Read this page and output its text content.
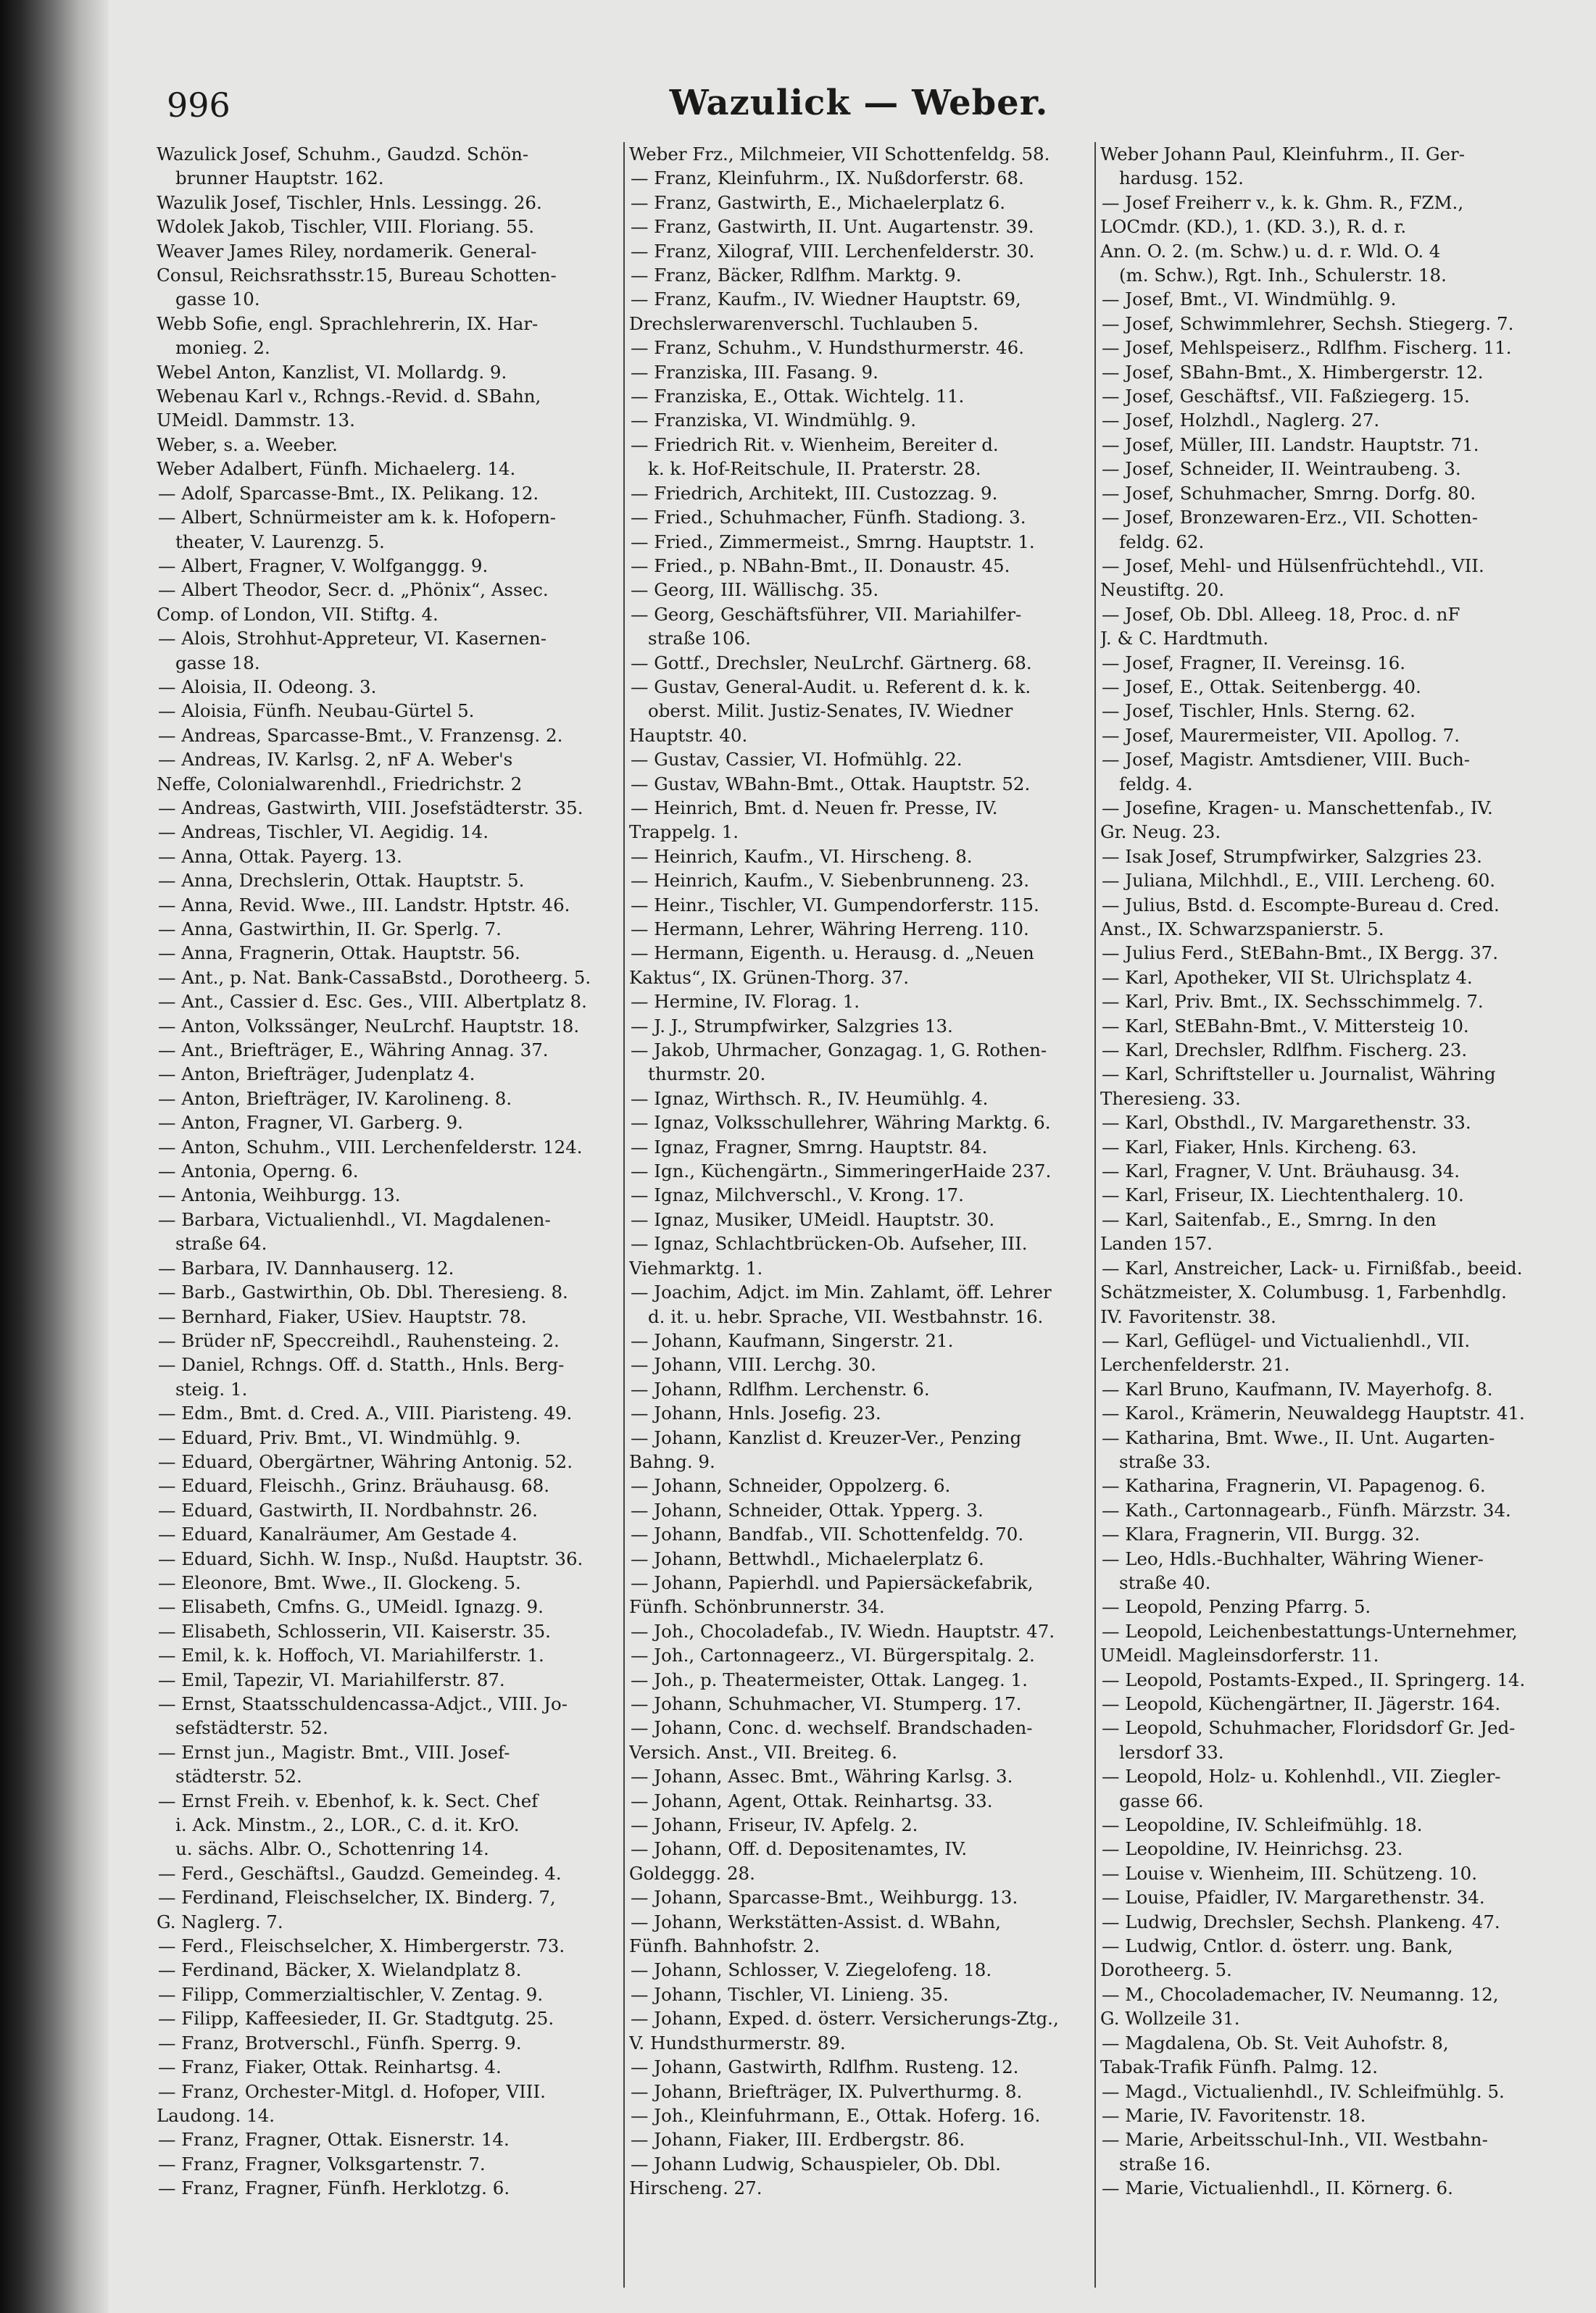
996	Wazulick — Weber.
Wazulick Josef, Schuhm., Gaudzd. Schön-
brunner Hauptstr. 162.
Wazulik Josef, Tischler, Hnls. Lessingg. 26.
Wdolek Jakob, Tischler, VIII. Floriang. 55.
Weaver James Riley, nordamerik. General-
Consul, Reichsrathsstr.15, Bureau Schotten-
gasse 10.
Webb Sofie, engl. Sprachlehrerin, IX. Har-
monieg. 2.
Webel Anton, Kanzlist, VI. Mollardg. 9.
Webenau Karl v., Rchngs.-Revid. d. SBahn,
UMeidl. Dammstr. 13.
Weber, s. a. Weeber.
Weber Adalbert, Fünfh. Michaelerg. 14.
— Adolf, Sparcasse-Bmt., IX. Pelikang. 12.
— Albert, Schnürmeister am k. k. Hofopern-
theater, V. Laurenzg. 5.
— Albert, Fragner, V. Wolfganggg. 9.
— Albert Theodor, Secr. d. „Phönix“, Assec.
Comp. of London, VII. Stiftg. 4.
— Alois, Strohhut-Appreteur, VI. Kasernen-
gasse 18.
— Aloisia, II. Odeong. 3.
— Aloisia, Fünfh. Neubau-Gürtel 5.
— Andreas, Sparcasse-Bmt., V. Franzensg. 2.
— Andreas, IV. Karlsg. 2, nF A. Weber's
Neffe, Colonialwarenhdl., Friedrichstr. 2
— Andreas, Gastwirth, VIII. Josefstädterstr. 35.
— Andreas, Tischler, VI. Aegidig. 14.
— Anna, Ottak. Payerg. 13.
— Anna, Drechslerin, Ottak. Hauptstr. 5.
— Anna, Revid. Wwe., III. Landstr. Hptstr. 46.
— Anna, Gastwirthin, II. Gr. Sperlg. 7.
— Anna, Fragnerin, Ottak. Hauptstr. 56.
— Ant., p. Nat. Bank-CassaBstd., Dorotheerg. 5.
— Ant., Cassier d. Esc. Ges., VIII. Albertplatz 8.
— Anton, Volkssänger, NeuLrchf. Hauptstr. 18.
— Ant., Briefträger, E., Währing Annag. 37.
— Anton, Briefträger, Judenplatz 4.
— Anton, Briefträger, IV. Karolineng. 8.
— Anton, Fragner, VI. Garberg. 9.
— Anton, Schuhm., VIII. Lerchenfelderstr. 124.
— Antonia, Operng. 6.
— Antonia, Weihburgg. 13.
— Barbara, Victualienhdl., VI. Magdalenen-
straße 64.
— Barbara, IV. Dannhauserg. 12.
— Barb., Gastwirthin, Ob. Dbl. Theresieng. 8.
— Bernhard, Fiaker, USiev. Hauptstr. 78.
— Brüder nF, Speccreihdl., Rauhensteing. 2.
— Daniel, Rchngs. Off. d. Statth., Hnls. Berg-
steig. 1.
— Edm., Bmt. d. Cred. A., VIII. Piaristeng. 49.
— Eduard, Priv. Bmt., VI. Windmühlg. 9.
— Eduard, Obergärtner, Währing Antonig. 52.
— Eduard, Fleischh., Grinz. Bräuhausg. 68.
— Eduard, Gastwirth, II. Nordbahnstr. 26.
— Eduard, Kanalräumer, Am Gestade 4.
— Eduard, Sichh. W. Insp., Nußd. Hauptstr. 36.
— Eleonore, Bmt. Wwe., II. Glockeng. 5.
— Elisabeth, Cmfns. G., UMeidl. Ignazg. 9.
— Elisabeth, Schlosserin, VII. Kaiserstr. 35.
— Emil, k. k. Hoffoch, VI. Mariahilferstr. 1.
— Emil, Tapezir, VI. Mariahilferstr. 87.
— Ernst, Staatsschuldencassa-Adjct., VIII. Jo-
sefstädterstr. 52.
— Ernst jun., Magistr. Bmt., VIII. Josef-
städterstr. 52.
— Ernst Freih. v. Ebenhof, k. k. Sect. Chef
i. Ack. Minstm., 2., LOR., C. d. it. KrO.
u. sächs. Albr. O., Schottenring 14.
— Ferd., Geschäftsl., Gaudzd. Gemeindeg. 4.
— Ferdinand, Fleischselcher, IX. Binderg. 7,
G. Naglerg. 7.
— Ferd., Fleischselcher, X. Himbergerstr. 73.
— Ferdinand, Bäcker, X. Wielandplatz 8.
— Filipp, Commerzialtischler, V. Zentag. 9.
— Filipp, Kaffeesieder, II. Gr. Stadtgutg. 25.
— Franz, Brotverschl., Fünfh. Sperrg. 9.
— Franz, Fiaker, Ottak. Reinhartsg. 4.
— Franz, Orchester-Mitgl. d. Hofoper, VIII.
Laudong. 14.
— Franz, Fragner, Ottak. Eisnerstr. 14.
— Franz, Fragner, Volksgartenstr. 7.
— Franz, Fragner, Fünfh. Herklotzg. 6.
Weber Frz., Milchmeier, VII Schottenfeldg. 58.
— Franz, Kleinfuhrm., IX. Nußdorferstr. 68.
— Franz, Gastwirth, E., Michaelerplatz 6.
— Franz, Gastwirth, II. Unt. Augartenstr. 39.
— Franz, Xilograf, VIII. Lerchenfelderstr. 30.
— Franz, Bäcker, Rdlfhm. Marktg. 9.
— Franz, Kaufm., IV. Wiedner Hauptstr. 69,
Drechslerwarenverschl. Tuchlauben 5.
— Franz, Schuhm., V. Hundsthurmerstr. 46.
— Franziska, III. Fasang. 9.
— Franziska, E., Ottak. Wichtelg. 11.
— Franziska, VI. Windmühlg. 9.
— Friedrich Rit. v. Wienheim, Bereiter d.
k. k. Hof-Reitschule, II. Praterstr. 28.
— Friedrich, Architekt, III. Custozzag. 9.
— Fried., Schuhmacher, Fünfh. Stadiong. 3.
— Fried., Zimmermeist., Smrng. Hauptstr. 1.
— Fried., p. NBahn-Bmt., II. Donaustr. 45.
— Georg, III. Wällischg. 35.
— Georg, Geschäftsführer, VII. Mariahilfer-
straße 106.
— Gottf., Drechsler, NeuLrchf. Gärtnerg. 68.
— Gustav, General-Audit. u. Referent d. k. k.
oberst. Milit. Justiz-Senates, IV. Wiedner
Hauptstr. 40.
— Gustav, Cassier, VI. Hofmühlg. 22.
— Gustav, WBahn-Bmt., Ottak. Hauptstr. 52.
— Heinrich, Bmt. d. Neuen fr. Presse, IV.
Trappelg. 1.
— Heinrich, Kaufm., VI. Hirscheng. 8.
— Heinrich, Kaufm., V. Siebenbrunneng. 23.
— Heinr., Tischler, VI. Gumpendorferstr. 115.
— Hermann, Lehrer, Währing Herreng. 110.
— Hermann, Eigenth. u. Herausg. d. „Neuen
Kaktus“, IX. Grünen-Thorg. 37.
— Hermine, IV. Florag. 1.
— J. J., Strumpfwirker, Salzgries 13.
— Jakob, Uhrmacher, Gonzagag. 1, G. Rothen-
thurmstr. 20.
— Ignaz, Wirthsch. R., IV. Heumühlg. 4.
— Ignaz, Volksschullehrer, Währing Marktg. 6.
— Ignaz, Fragner, Smrng. Hauptstr. 84.
— Ign., Küchengärtn., SimmeringerHaide 237.
— Ignaz, Milchverschl., V. Krong. 17.
— Ignaz, Musiker, UMeidl. Hauptstr. 30.
— Ignaz, Schlachtbrücken-Ob. Aufseher, III.
Viehmarktg. 1.
— Joachim, Adjct. im Min. Zahlamt, öff. Lehrer
d. it. u. hebr. Sprache, VII. Westbahnstr. 16.
— Johann, Kaufmann, Singerstr. 21.
— Johann, VIII. Lerchg. 30.
— Johann, Rdlfhm. Lerchenstr. 6.
— Johann, Hnls. Josefig. 23.
— Johann, Kanzlist d. Kreuzer-Ver., Penzing
Bahng. 9.
— Johann, Schneider, Oppolzerg. 6.
— Johann, Schneider, Ottak. Ypperg. 3.
— Johann, Bandfab., VII. Schottenfeldg. 70.
— Johann, Bettwhdl., Michaelerplatz 6.
— Johann, Papierhdl. und Papiersäckefabrik,
Fünfh. Schönbrunnerstr. 34.
— Joh., Chocoladefab., IV. Wiedn. Hauptstr. 47.
— Joh., Cartonnageerz., VI. Bürgerspitalg. 2.
— Joh., p. Theatermeister, Ottak. Langeg. 1.
— Johann, Schuhmacher, VI. Stumperg. 17.
— Johann, Conc. d. wechself. Brandschaden-
Versich. Anst., VII. Breiteg. 6.
— Johann, Assec. Bmt., Währing Karlsg. 3.
— Johann, Agent, Ottak. Reinhartsg. 33.
— Johann, Friseur, IV. Apfelg. 2.
— Johann, Off. d. Depositenamtes, IV.
Goldeggg. 28.
— Johann, Sparcasse-Bmt., Weihburgg. 13.
— Johann, Werkstätten-Assist. d. WBahn,
Fünfh. Bahnhofstr. 2.
— Johann, Schlosser, V. Ziegelofeng. 18.
— Johann, Tischler, VI. Linieng. 35.
— Johann, Exped. d. österr. Versicherungs-Ztg.,
V. Hundsthurmerstr. 89.
— Johann, Gastwirth, Rdlfhm. Rusteng. 12.
— Johann, Briefträger, IX. Pulverthurmg. 8.
— Joh., Kleinfuhrmann, E., Ottak. Hoferg. 16.
— Johann, Fiaker, III. Erdbergstr. 86.
— Johann Ludwig, Schauspieler, Ob. Dbl.
Hirscheng. 27.
Weber Johann Paul, Kleinfuhrm., II. Ger-
hardusg. 152.
— Josef Freiherr v., k. k. Ghm. R., FZM.,
LOCmdr. (KD.), 1. (KD. 3.), R. d. r.
Ann. O. 2. (m. Schw.) u. d. r. Wld. O. 4
(m. Schw.), Rgt. Inh., Schulerstr. 18.
— Josef, Bmt., VI. Windmühlg. 9.
— Josef, Schwimmlehrer, Sechsh. Stiegerg. 7.
— Josef, Mehlspeiserz., Rdlfhm. Fischerg. 11.
— Josef, SBahn-Bmt., X. Himbergerstr. 12.
— Josef, Geschäftsf., VII. Faßziegerg. 15.
— Josef, Holzhdl., Naglerg. 27.
— Josef, Müller, III. Landstr. Hauptstr. 71.
— Josef, Schneider, II. Weintraubeng. 3.
— Josef, Schuhmacher, Smrng. Dorfg. 80.
— Josef, Bronzewaren-Erz., VII. Schotten-
feldg. 62.
— Josef, Mehl- und Hülsenfrüchtehdl., VII.
Neustiftg. 20.
— Josef, Ob. Dbl. Alleeg. 18, Proc. d. nF
J. & C. Hardtmuth.
— Josef, Fragner, II. Vereinsg. 16.
— Josef, E., Ottak. Seitenbergg. 40.
— Josef, Tischler, Hnls. Sterng. 62.
— Josef, Maurermeister, VII. Apollog. 7.
— Josef, Magistr. Amtsdiener, VIII. Buch-
feldg. 4.
— Josefine, Kragen- u. Manschettenfab., IV.
Gr. Neug. 23.
— Isak Josef, Strumpfwirker, Salzgries 23.
— Juliana, Milchhdl., E., VIII. Lercheng. 60.
— Julius, Bstd. d. Escompte-Bureau d. Cred.
Anst., IX. Schwarzspanierstr. 5.
— Julius Ferd., StEBahn-Bmt., IX Bergg. 37.
— Karl, Apotheker, VII St. Ulrichsplatz 4.
— Karl, Priv. Bmt., IX. Sechsschimmelg. 7.
— Karl, StEBahn-Bmt., V. Mittersteig 10.
— Karl, Drechsler, Rdlfhm. Fischerg. 23.
— Karl, Schriftsteller u. Journalist, Währing
Theresieng. 33.
— Karl, Obsthdl., IV. Margarethenstr. 33.
— Karl, Fiaker, Hnls. Kircheng. 63.
— Karl, Fragner, V. Unt. Bräuhausg. 34.
— Karl, Friseur, IX. Liechtenthalerg. 10.
— Karl, Saitenfab., E., Smrng. In den
Landen 157.
— Karl, Anstreicher, Lack- u. Firnißfab., beeid.
Schätzmeister, X. Columbusg. 1, Farbenhdlg.
IV. Favoritenstr. 38.
— Karl, Geflügel- und Victualienhdl., VII.
Lerchenfelderstr. 21.
— Karl Bruno, Kaufmann, IV. Mayerhofg. 8.
— Karol., Krämerin, Neuwaldegg Hauptstr. 41.
— Katharina, Bmt. Wwe., II. Unt. Augarten-
straße 33.
— Katharina, Fragnerin, VI. Papagenog. 6.
— Kath., Cartonnagearb., Fünfh. Märzstr. 34.
— Klara, Fragnerin, VII. Burgg. 32.
— Leo, Hdls.-Buchhalter, Währing Wiener-
straße 40.
— Leopold, Penzing Pfarrg. 5.
— Leopold, Leichenbestattungs-Unternehmer,
UMeidl. Magleinsdorferstr. 11.
— Leopold, Postamts-Exped., II. Springerg. 14.
— Leopold, Küchengärtner, II. Jägerstr. 164.
— Leopold, Schuhmacher, Floridsdorf Gr. Jed-
lersdorf 33.
— Leopold, Holz- u. Kohlenhdl., VII. Ziegler-
gasse 66.
— Leopoldine, IV. Schleifmühlg. 18.
— Leopoldine, IV. Heinrichsg. 23.
— Louise v. Wienheim, III. Schützeng. 10.
— Louise, Pfaidler, IV. Margarethenstr. 34.
— Ludwig, Drechsler, Sechsh. Plankeng. 47.
— Ludwig, Cntlor. d. österr. ung. Bank,
Dorotheerg. 5.
— M., Chocolademacher, IV. Neumanng. 12,
G. Wollzeile 31.
— Magdalena, Ob. St. Veit Auhofstr. 8,
Tabak-Trafik Fünfh. Palmg. 12.
— Magd., Victualienhdl., IV. Schleifmühlg. 5.
— Marie, IV. Favoritenstr. 18.
— Marie, Arbeitsschul-Inh., VII. Westbahn-
straße 16.
— Marie, Victualienhdl., II. Körnerg. 6.
